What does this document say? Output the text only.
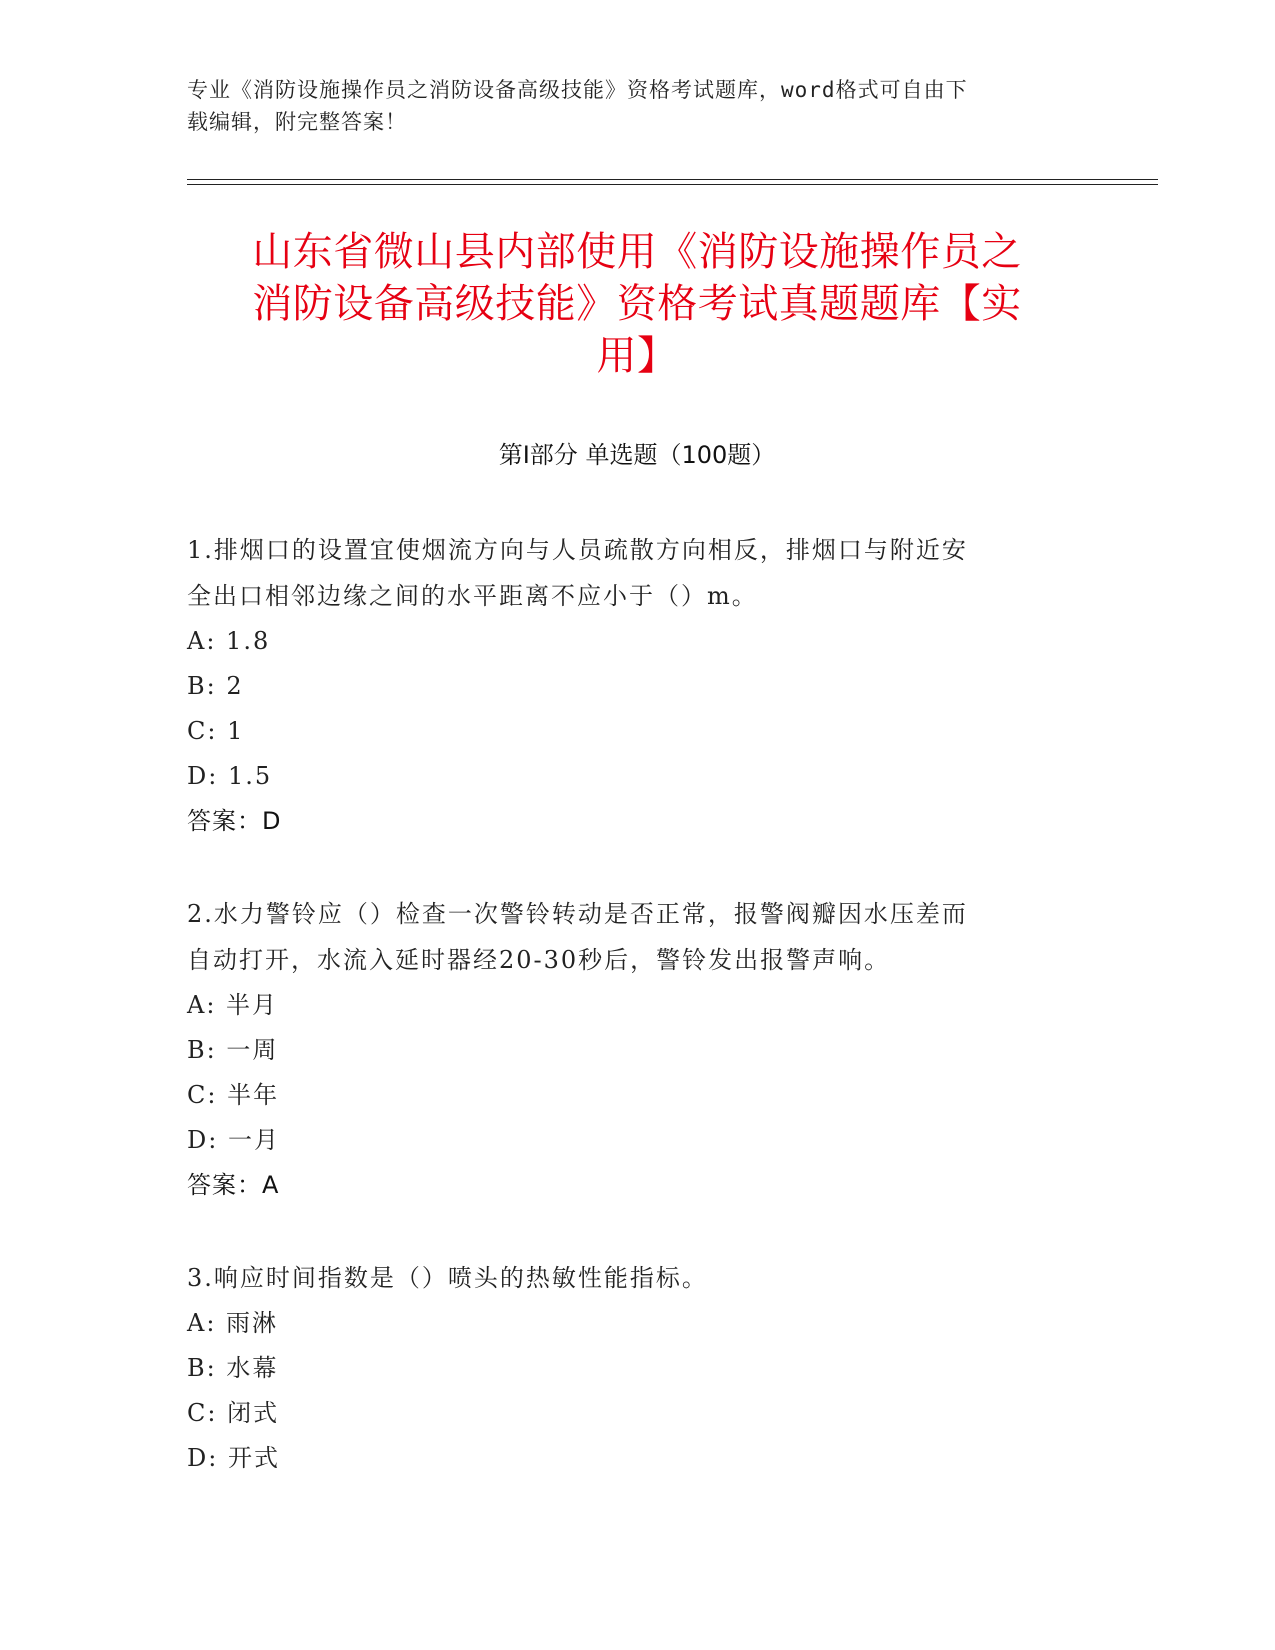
专业《消防设施操作员之消防设备高级技能》资格考试题库，word格式可自由下
载编辑，附完整答案！
山东省微山县内部使用《消防设施操作员之
消防设备高级技能》资格考试真题题库【实
用】
第Ⅰ部分 单选题（100题）
1.排烟口的设置宜使烟流方向与人员疏散方向相反，排烟口与附近安
全出口相邻边缘之间的水平距离不应小于（）m。
A: 1.8
B: 2
C: 1
D: 1.5
答案：D
2.水力警铃应（）检查一次警铃转动是否正常，报警阀瓣因水压差而
自动打开，水流入延时器经20-30秒后，警铃发出报警声响。
A: 半月
B: 一周
C: 半年
D: 一月
答案：A
3.响应时间指数是（）喷头的热敏性能指标。
A: 雨淋
B: 水幕
C: 闭式
D: 开式
